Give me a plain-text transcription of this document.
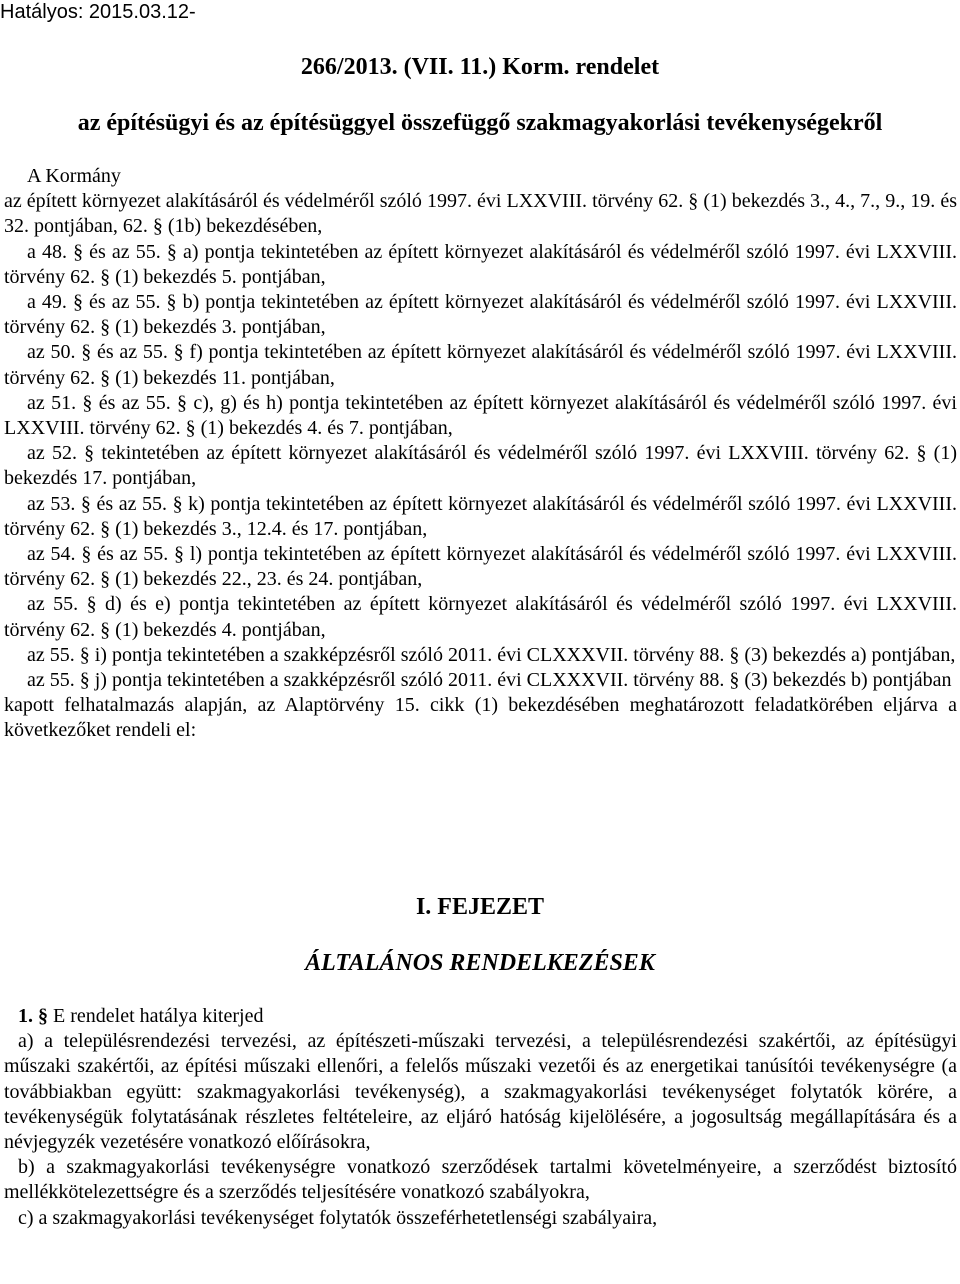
Hatályos: 2015.03.12-

266/2013. (VII. 11.) Korm. rendelet
az építésügyi és az építésüggyel összefüggő szakmagyakorlási tevékenységekről

A Kormány

az épített környezet alakításáról és védelméről szóló 1997. évi LXXVIII. törvény 62. § (1) bekezdés 3., 4., 7., 9., 19. és 32. pontjában, 62. § (1b) bekezdésében,

a 48. § és az 55. § a) pontja tekintetében az épített környezet alakításáról és védelméről szóló 1997. évi LXXVIII. törvény 62. § (1) bekezdés 5. pontjában,

a 49. § és az 55. § b) pontja tekintetében az épített környezet alakításáról és védelméről szóló 1997. évi LXXVIII. törvény 62. § (1) bekezdés 3. pontjában,

az 50. § és az 55. § f) pontja tekintetében az épített környezet alakításáról és védelméről szóló 1997. évi LXXVIII. törvény 62. § (1) bekezdés 11. pontjában,

az 51. § és az 55. § c), g) és h) pontja tekintetében az épített környezet alakításáról és védelméről szóló 1997. évi LXXVIII. törvény 62. § (1) bekezdés 4. és 7. pontjában,

az 52. § tekintetében az épített környezet alakításáról és védelméről szóló 1997. évi LXXVIII. törvény 62. § (1) bekezdés 17. pontjában,

az 53. § és az 55. § k) pontja tekintetében az épített környezet alakításáról és védelméről szóló 1997. évi LXXVIII. törvény 62. § (1) bekezdés 3., 12.4. és 17. pontjában,

az 54. § és az 55. § l) pontja tekintetében az épített környezet alakításáról és védelméről szóló 1997. évi LXXVIII. törvény 62. § (1) bekezdés 22., 23. és 24. pontjában,

az 55. § d) és e) pontja tekintetében az épített környezet alakításáról és védelméről szóló 1997. évi LXXVIII. törvény 62. § (1) bekezdés 4. pontjában,

az 55. § i) pontja tekintetében a szakképzésről szóló 2011. évi CLXXXVII. törvény 88. § (3) bekezdés a) pontjában,

az 55. § j) pontja tekintetében a szakképzésről szóló 2011. évi CLXXXVII. törvény 88. § (3) bekezdés b) pontjában

kapott felhatalmazás alapján, az Alaptörvény 15. cikk (1) bekezdésében meghatározott feladatkörében eljárva a következőket rendeli el:

I. FEJEZET
ÁLTALÁNOS RENDELKEZÉSEK

1. § E rendelet hatálya kiterjed

a) a településrendezési tervezési, az építészeti-műszaki tervezési, a településrendezési szakértői, az építésügyi műszaki szakértői, az építési műszaki ellenőri, a felelős műszaki vezetői és az energetikai tanúsítói tevékenységre (a továbbiakban együtt: szakmagyakorlási tevékenység), a szakmagyakorlási tevékenységet folytatók körére, a tevékenységük folytatásának részletes feltételeire, az eljáró hatóság kijelölésére, a jogosultság megállapítására és a névjegyzék vezetésére vonatkozó előírásokra,

b) a szakmagyakorlási tevékenységre vonatkozó szerződések tartalmi követelményeire, a szerződést biztosító mellékkötelezettségre és a szerződés teljesítésére vonatkozó szabályokra,

c) a szakmagyakorlási tevékenységet folytatók összeférhetetlenségi szabályaira,
